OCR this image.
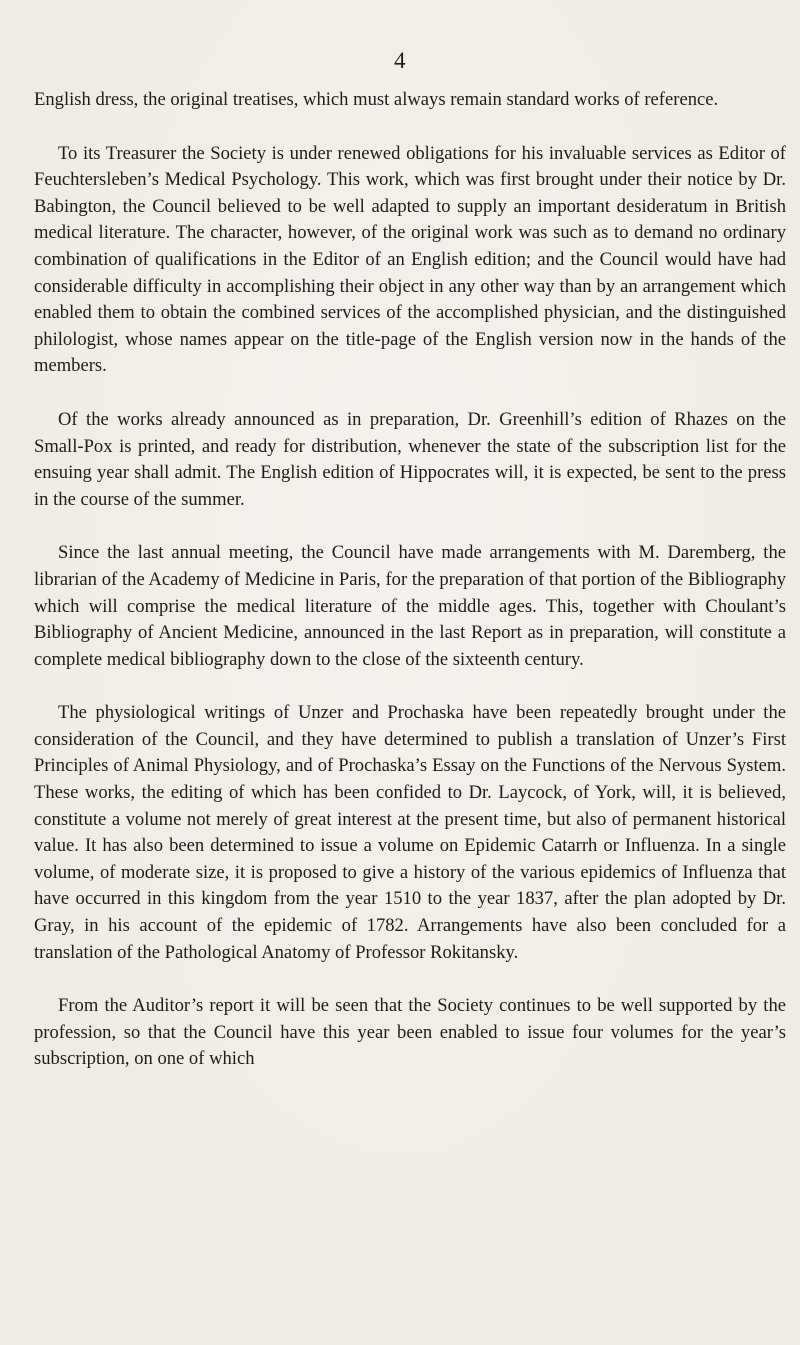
4

English dress, the original treatises, which must always remain standard works of reference.

To its Treasurer the Society is under renewed obligations for his invaluable services as Editor of Feuchtersleben’s Medical Psychology. This work, which was first brought under their notice by Dr. Babington, the Council believed to be well adapted to supply an important desideratum in British medical literature. The character, however, of the original work was such as to demand no ordinary combination of qualifications in the Editor of an English edition; and the Council would have had considerable difficulty in accomplishing their object in any other way than by an arrangement which enabled them to obtain the combined services of the accomplished physician, and the distinguished philologist, whose names appear on the title-page of the English version now in the hands of the members.

Of the works already announced as in preparation, Dr. Greenhill’s edition of Rhazes on the Small-Pox is printed, and ready for distribution, whenever the state of the subscription list for the ensuing year shall admit. The English edition of Hippocrates will, it is expected, be sent to the press in the course of the summer.

Since the last annual meeting, the Council have made arrangements with M. Daremberg, the librarian of the Academy of Medicine in Paris, for the preparation of that portion of the Bibliography which will comprise the medical literature of the middle ages. This, together with Choulant’s Bibliography of Ancient Medicine, announced in the last Report as in preparation, will constitute a complete medical bibliography down to the close of the sixteenth century.

The physiological writings of Unzer and Prochaska have been repeatedly brought under the consideration of the Council, and they have determined to publish a translation of Unzer’s First Principles of Animal Physiology, and of Prochaska’s Essay on the Functions of the Nervous System. These works, the editing of which has been confided to Dr. Laycock, of York, will, it is believed, constitute a volume not merely of great interest at the present time, but also of permanent historical value. It has also been determined to issue a volume on Epidemic Catarrh or Influenza. In a single volume, of moderate size, it is proposed to give a history of the various epidemics of Influenza that have occurred in this kingdom from the year 1510 to the year 1837, after the plan adopted by Dr. Gray, in his account of the epidemic of 1782. Arrangements have also been concluded for a translation of the Pathological Anatomy of Professor Rokitansky.

From the Auditor’s report it will be seen that the Society continues to be well supported by the profession, so that the Council have this year been enabled to issue four volumes for the year’s subscription, on one of which
